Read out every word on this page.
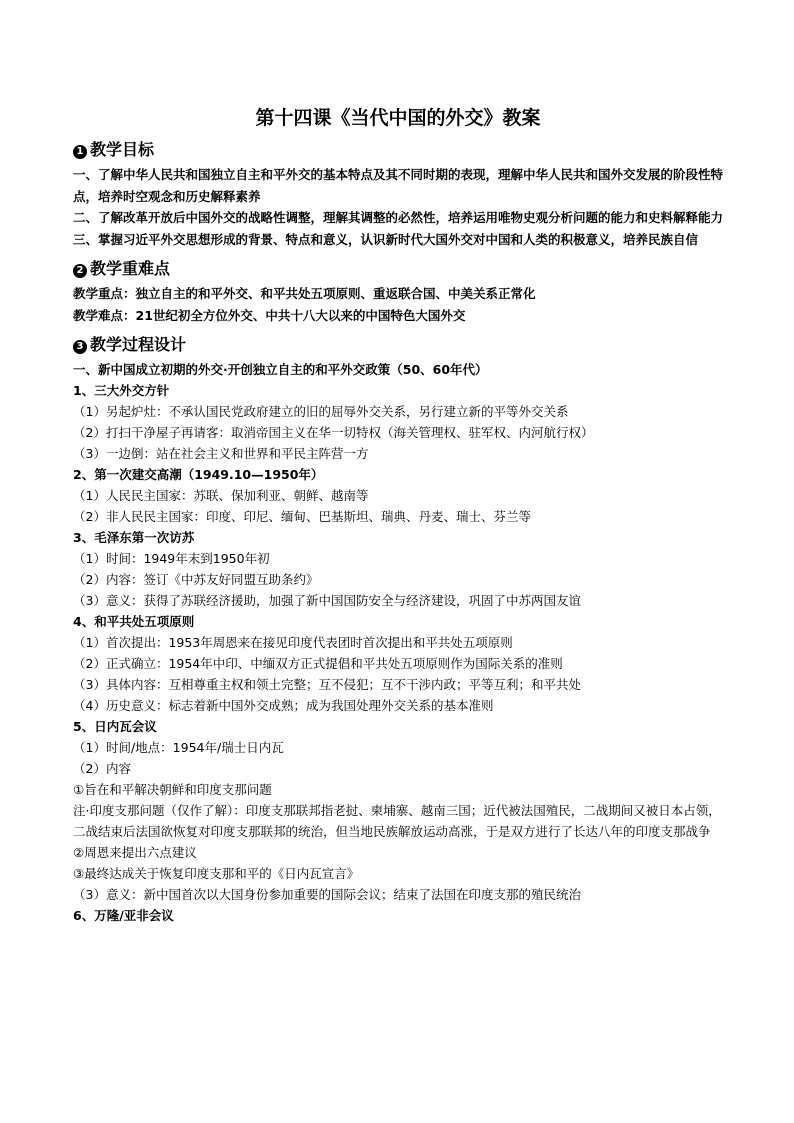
第十四课《当代中国的外交》教案
1 教学目标
一、了解中华人民共和国独立自主和平外交的基本特点及其不同时期的表现，理解中华人民共和国外交发展的阶段性特点，培养时空观念和历史解释素养
二、了解改革开放后中国外交的战略性调整，理解其调整的必然性，培养运用唯物史观分析问题的能力和史料解释能力
三、掌握习近平外交思想形成的背景、特点和意义，认识新时代大国外交对中国和人类的积极意义，培养民族自信
2 教学重难点
教学重点：独立自主的和平外交、和平共处五项原则、重返联合国、中美关系正常化
教学难点：21世纪初全方位外交、中共十八大以来的中国特色大国外交
3 教学过程设计
一、新中国成立初期的外交·开创独立自主的和平外交政策（50、60年代）
1、三大外交方针
（1）另起炉灶：不承认国民党政府建立的旧的屈辱外交关系，另行建立新的平等外交关系
（2）打扫干净屋子再请客：取消帝国主义在华一切特权（海关管理权、驻军权、内河航行权）
（3）一边倒：站在社会主义和世界和平民主阵营一方
2、第一次建交高潮（1949.10—1950年）
（1）人民民主国家：苏联、保加利亚、朝鲜、越南等
（2）非人民民主国家：印度、印尼、缅甸、巴基斯坦、瑞典、丹麦、瑞士、芬兰等
3、毛泽东第一次访苏
（1）时间：1949年末到1950年初
（2）内容：签订《中苏友好同盟互助条约》
（3）意义：获得了苏联经济援助，加强了新中国国防安全与经济建设，巩固了中苏两国友谊
4、和平共处五项原则
（1）首次提出：1953年周恩来在接见印度代表团时首次提出和平共处五项原则
（2）正式确立：1954年中印、中缅双方正式提倡和平共处五项原则作为国际关系的准则
（3）具体内容：互相尊重主权和领土完整；互不侵犯；互不干涉内政；平等互利；和平共处
（4）历史意义：标志着新中国外交成熟；成为我国处理外交关系的基本准则
5、日内瓦会议
（1）时间/地点：1954年/瑞士日内瓦
（2）内容
①旨在和平解决朝鲜和印度支那问题
注·印度支那问题（仅作了解）：印度支那联邦指老挝、柬埔寨、越南三国；近代被法国殖民，二战期间又被日本占领，二战结束后法国欲恢复对印度支那联邦的统治，但当地民族解放运动高涨，于是双方进行了长达八年的印度支那战争
②周恩来提出六点建议
③最终达成关于恢复印度支那和平的《日内瓦宣言》
（3）意义：新中国首次以大国身份参加重要的国际会议；结束了法国在印度支那的殖民统治
6、万隆/亚非会议
